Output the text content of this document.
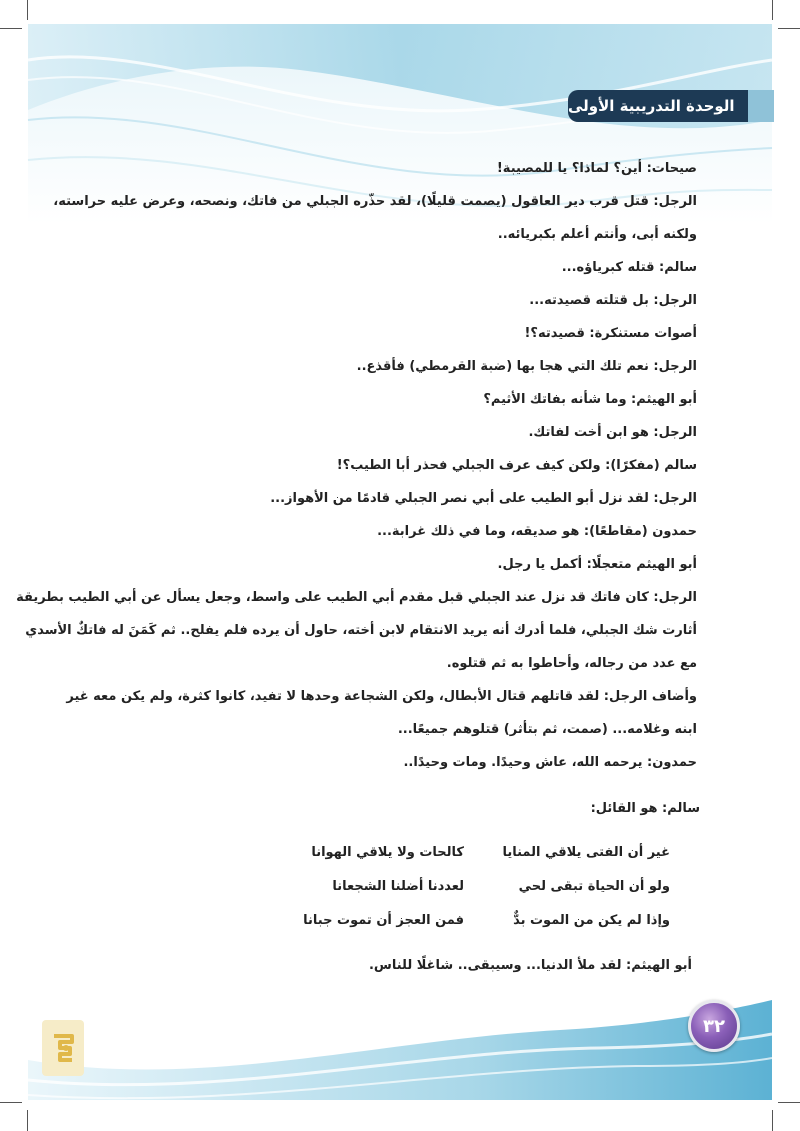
الوحدة التدريبية الأولى
صيحات: أين؟ لماذا؟ يا للمصيبة!
الرجل: قتل قرب دير العاقول (يصمت قليلًا)، لقد حذّره الجبلي من فاتك، ونصحه، وعرض عليه حراسته،
ولكنه أبى، وأنتم أعلم بكبريائه..
سالم: قتله كبرياؤه...
الرجل: بل قتلته قصيدته...
أصوات مستنكرة: قصيدته؟!
الرجل: نعم تلك التي هجا بها (ضبة القرمطي) فأقذع..
أبو الهيثم: وما شأنه بفاتك الأثيم؟
الرجل: هو ابن أخت لفاتك.
سالم (مفكرًا): ولكن كيف عرف الجبلي فحذر أبا الطيب؟!
الرجل: لقد نزل أبو الطيب على أبي نصر الجبلي قادمًا من الأهواز...
حمدون (مقاطعًا): هو صديقه، وما في ذلك غرابة...
أبو الهيثم متعجلًا: أكمل يا رجل.
الرجل: كان فاتك قد نزل عند الجبلي قبل مقدم أبي الطيب على واسط، وجعل يسأل عن أبي الطيب بطريقة
أثارت شك الجبلي، فلما أدرك أنه يريد الانتقام لابن أخته، حاول أن يرده فلم يفلح.. ثم كَمَنَ له فاتكٌ الأسدي
مع عدد من رجاله، وأحاطوا به ثم قتلوه.
وأضاف الرجل: لقد قاتلهم قتال الأبطال، ولكن الشجاعة وحدها لا تفيد، كانوا كثرة، ولم يكن معه غير
ابنه وغلامه... (صمت، ثم بتأثر) قتلوهم جميعًا...
حمدون: يرحمه الله، عاش وحيدًا. ومات وحيدًا..
سالم: هو القائل:
غير أن الفتى يلاقي المنايا
كالحات ولا يلاقي الهوانا
ولو أن الحياة تبقى لحي
لعددنا أضلنا الشجعانا
وإذا لم يكن من الموت بدٌّ
فمن العجز أن تموت جبانا
أبو الهيثم: لقد ملأ الدنيا... وسيبقى.. شاغلًا للناس.
٣٢
